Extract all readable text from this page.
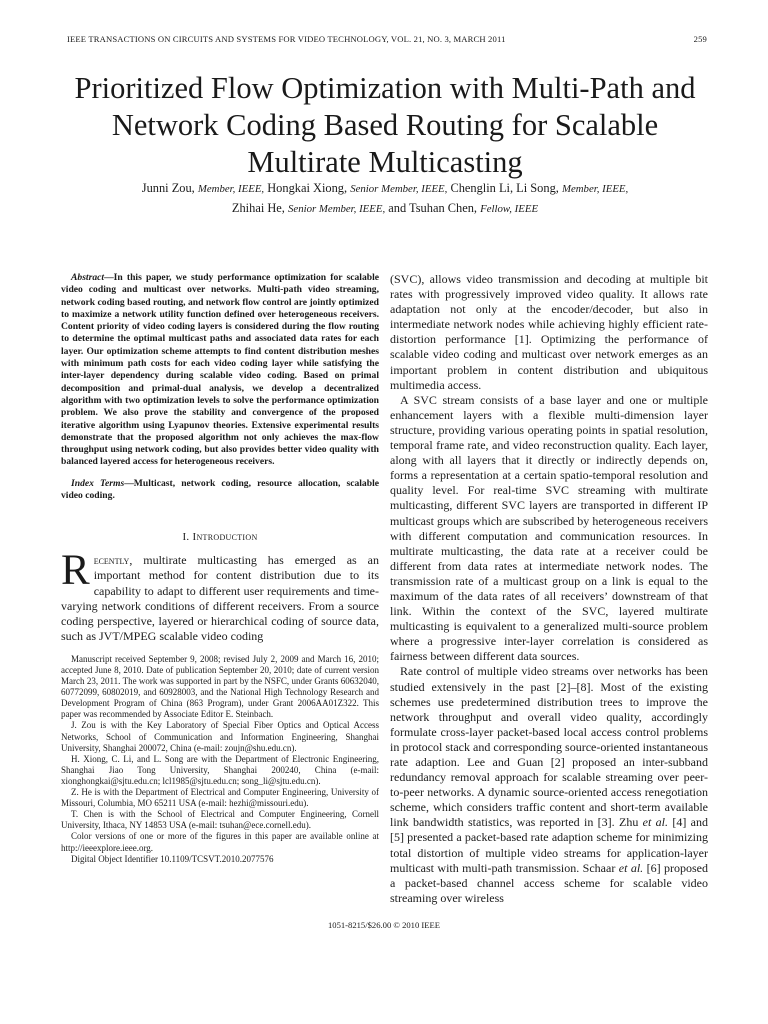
IEEE TRANSACTIONS ON CIRCUITS AND SYSTEMS FOR VIDEO TECHNOLOGY, VOL. 21, NO. 3, MARCH 2011	259
Prioritized Flow Optimization with Multi-Path and
Network Coding Based Routing for Scalable
Multirate Multicasting
Junni Zou, Member, IEEE, Hongkai Xiong, Senior Member, IEEE, Chenglin Li, Li Song, Member, IEEE,
Zhihai He, Senior Member, IEEE, and Tsuhan Chen, Fellow, IEEE

Abstract—In this paper, we study performance optimization for scalable video coding and multicast over networks. Multi-path video streaming, network coding based routing, and network flow control are jointly optimized to maximize a network utility function defined over heterogeneous receivers. Content priority of video coding layers is considered during the flow routing to determine the optimal multicast paths and associated data rates for each layer. Our optimization scheme attempts to find content distribution meshes with minimum path costs for each video coding layer while satisfying the inter-layer dependency during scalable video coding. Based on primal decomposition and primal-dual analysis, we develop a decentralized algorithm with two optimization levels to solve the performance optimization problem. We also prove the stability and convergence of the proposed iterative algorithm using Lyapunov theories. Extensive experimental results demonstrate that the proposed algorithm not only achieves the max-flow throughput using network coding, but also provides better video quality with balanced layered access for heterogeneous receivers.

Index Terms—Multicast, network coding, resource allocation, scalable video coding.

I. Introduction

Recently, multirate multicasting has emerged as an important method for content distribution due to its capability to adapt to different user requirements and time-varying network conditions of different receivers. From a source coding perspective, layered or hierarchical coding of source data, such as JVT/MPEG scalable video coding

Manuscript received September 9, 2008; revised July 2, 2009 and March 16, 2010; accepted June 8, 2010. Date of publication September 20, 2010; date of current version March 23, 2011. The work was supported in part by the NSFC, under Grants 60632040, 60772099, 60802019, and 60928003, and the National High Technology Research and Development Program of China (863 Program), under Grant 2006AA01Z322. This paper was recommended by Associate Editor E. Steinbach.

J. Zou is with the Key Laboratory of Special Fiber Optics and Optical Access Networks, School of Communication and Information Engineering, Shanghai University, Shanghai 200072, China (e-mail: zoujn@shu.edu.cn).

H. Xiong, C. Li, and L. Song are with the Department of Electronic Engineering, Shanghai Jiao Tong University, Shanghai 200240, China (e-mail: xionghongkai@sjtu.edu.cn; lcl1985@sjtu.edu.cn; song_li@sjtu.edu.cn).

Z. He is with the Department of Electrical and Computer Engineering, University of Missouri, Columbia, MO 65211 USA (e-mail: hezhi@missouri.edu).

T. Chen is with the School of Electrical and Computer Engineering, Cornell University, Ithaca, NY 14853 USA (e-mail: tsuhan@ece.cornell.edu).

Color versions of one or more of the figures in this paper are available online at http://ieeexplore.ieee.org.

Digital Object Identifier 10.1109/TCSVT.2010.2077576

(SVC), allows video transmission and decoding at multiple bit rates with progressively improved video quality. It allows rate adaptation not only at the encoder/decoder, but also in intermediate network nodes while achieving highly efficient rate-distortion performance [1]. Optimizing the performance of scalable video coding and multicast over network emerges as an important problem in content distribution and ubiquitous multimedia access.

A SVC stream consists of a base layer and one or multiple enhancement layers with a flexible multi-dimension layer structure, providing various operating points in spatial resolution, temporal frame rate, and video reconstruction quality. Each layer, along with all layers that it directly or indirectly depends on, forms a representation at a certain spatio-temporal resolution and quality level. For real-time SVC streaming with multirate multicasting, different SVC layers are transported in different IP multicast groups which are subscribed by heterogeneous receivers with different computation and communication resources. In multirate multicasting, the data rate at a receiver could be different from data rates at intermediate network nodes. The transmission rate of a multicast group on a link is equal to the maximum of the data rates of all receivers’ downstream of that link. Within the context of the SVC, layered multirate multicasting is equivalent to a generalized multi-source problem where a progressive inter-layer correlation is considered as fairness between different data sources.

Rate control of multiple video streams over networks has been studied extensively in the past [2]–[8]. Most of the existing schemes use predetermined distribution trees to improve the network throughput and overall video quality, accordingly formulate cross-layer packet-based local access control problems in protocol stack and corresponding source-oriented instantaneous rate adaption. Lee and Guan [2] proposed an inter-subband redundancy removal approach for scalable streaming over peer-to-peer networks. A dynamic source-oriented access renegotiation scheme, which considers traffic content and short-term available link bandwidth statistics, was reported in [3]. Zhu et al. [4] and [5] presented a packet-based rate adaption scheme for minimizing total distortion of multiple video streams for application-layer multicast with multi-path transmission. Schaar et al. [6] proposed a packet-based channel access scheme for scalable video streaming over wireless

1051-8215/$26.00 © 2010 IEEE
